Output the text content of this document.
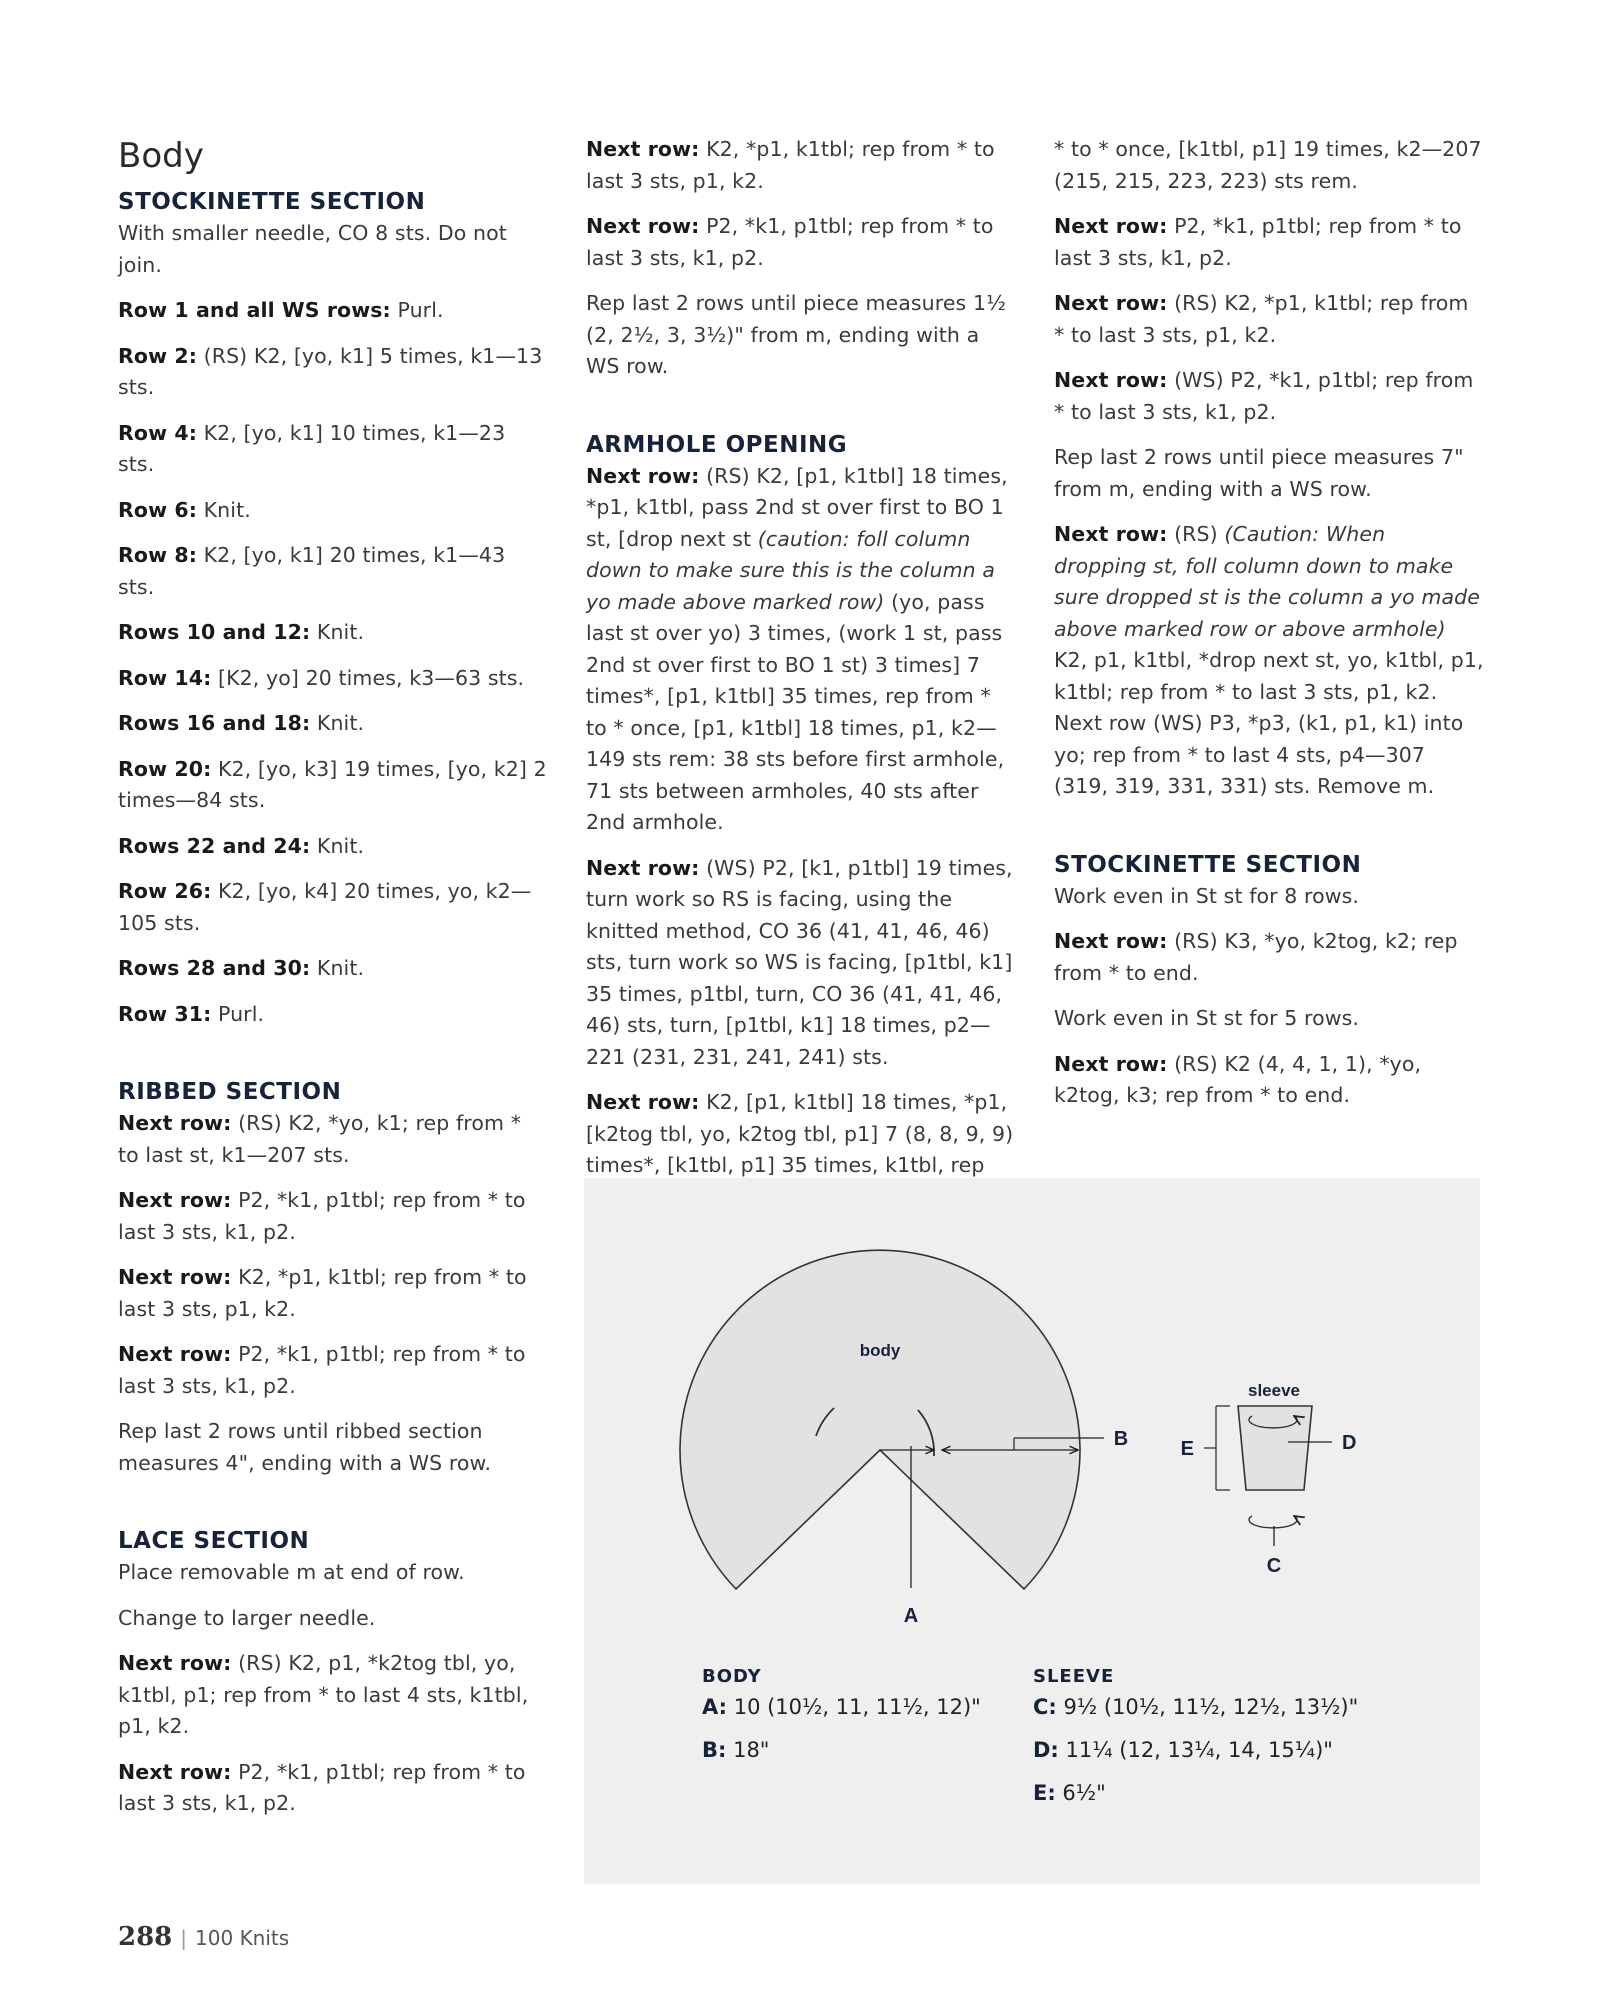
Body
STOCKINETTE SECTION

With smaller needle, CO 8 sts. Do not join.

Row 1 and all WS rows: Purl.

Row 2: (RS) K2, [yo, k1] 5 times, k1—13 sts.

Row 4: K2, [yo, k1] 10 times, k1—23 sts.

Row 6: Knit.

Row 8: K2, [yo, k1] 20 times, k1—43 sts.

Rows 10 and 12: Knit.

Row 14: [K2, yo] 20 times, k3—63 sts.

Rows 16 and 18: Knit.

Row 20: K2, [yo, k3] 19 times, [yo, k2] 2 times—84 sts.

Rows 22 and 24: Knit.

Row 26: K2, [yo, k4] 20 times, yo, k2—105 sts.

Rows 28 and 30: Knit.

Row 31: Purl.

RIBBED SECTION

Next row: (RS) K2, *yo, k1; rep from * to last st, k1—207 sts.

Next row: P2, *k1, p1tbl; rep from * to last 3 sts, k1, p2.

Next row: K2, *p1, k1tbl; rep from * to last 3 sts, p1, k2.

Next row: P2, *k1, p1tbl; rep from * to last 3 sts, k1, p2.

Rep last 2 rows until ribbed section measures 4", ending with a WS row.

LACE SECTION

Place removable m at end of row.

Change to larger needle.

Next row: (RS) K2, p1, *k2tog tbl, yo, k1tbl, p1; rep from * to last 4 sts, k1tbl, p1, k2.

Next row: P2, *k1, p1tbl; rep from * to last 3 sts, k1, p2.

Next row: K2, *p1, k1tbl; rep from * to last 3 sts, p1, k2.

Next row: P2, *k1, p1tbl; rep from * to last 3 sts, k1, p2.

Rep last 2 rows until piece measures 1½ (2, 2½, 3, 3½)" from m, ending with a WS row.

ARMHOLE OPENING

Next row: (RS) K2, [p1, k1tbl] 18 times, *p1, k1tbl, pass 2nd st over first to BO 1 st, [drop next st (caution: foll column down to make sure this is the column a yo made above marked row) (yo, pass last st over yo) 3 times, (work 1 st, pass 2nd st over first to BO 1 st) 3 times] 7 times*, [p1, k1tbl] 35 times, rep from * to * once, [p1, k1tbl] 18 times, p1, k2—149 sts rem: 38 sts before first armhole, 71 sts between armholes, 40 sts after 2nd armhole.

Next row: (WS) P2, [k1, p1tbl] 19 times, turn work so RS is facing, using the knitted method, CO 36 (41, 41, 46, 46) sts, turn work so WS is facing, [p1tbl, k1] 35 times, p1tbl, turn, CO 36 (41, 41, 46, 46) sts, turn, [p1tbl, k1] 18 times, p2—221 (231, 231, 241, 241) sts.

Next row: K2, [p1, k1tbl] 18 times, *p1, [k2tog tbl, yo, k2tog tbl, p1] 7 (8, 8, 9, 9) times*, [k1tbl, p1] 35 times, k1tbl, rep

* to * once, [k1tbl, p1] 19 times, k2—207 (215, 215, 223, 223) sts rem.

Next row: P2, *k1, p1tbl; rep from * to last 3 sts, k1, p2.

Next row: (RS) K2, *p1, k1tbl; rep from * to last 3 sts, p1, k2.

Next row: (WS) P2, *k1, p1tbl; rep from * to last 3 sts, k1, p2.

Rep last 2 rows until piece measures 7" from m, ending with a WS row.

Next row: (RS) (Caution: When dropping st, foll column down to make sure dropped st is the column a yo made above marked row or above armhole) K2, p1, k1tbl, *drop next st, yo, k1tbl, p1, k1tbl; rep from * to last 3 sts, p1, k2. Next row (WS) P3, *p3, (k1, p1, k1) into yo; rep from * to last 4 sts, p4—307 (319, 319, 331, 331) sts. Remove m.

STOCKINETTE SECTION

Work even in St st for 8 rows.

Next row: (RS) K3, *yo, k2tog, k2; rep from * to end.

Work even in St st for 5 rows.

Next row: (RS) K2 (4, 4, 1, 1), *yo, k2tog, k3; rep from * to end.

body
A
B
sleeve
C
D
E
BODY
A: 10 (10½, 11, 11½, 12)"
B: 18"
SLEEVE
C: 9½ (10½, 11½, 12½, 13½)"
D: 11¼ (12, 13¼, 14, 15¼)"
E: 6½"
288 | 100 Knits
